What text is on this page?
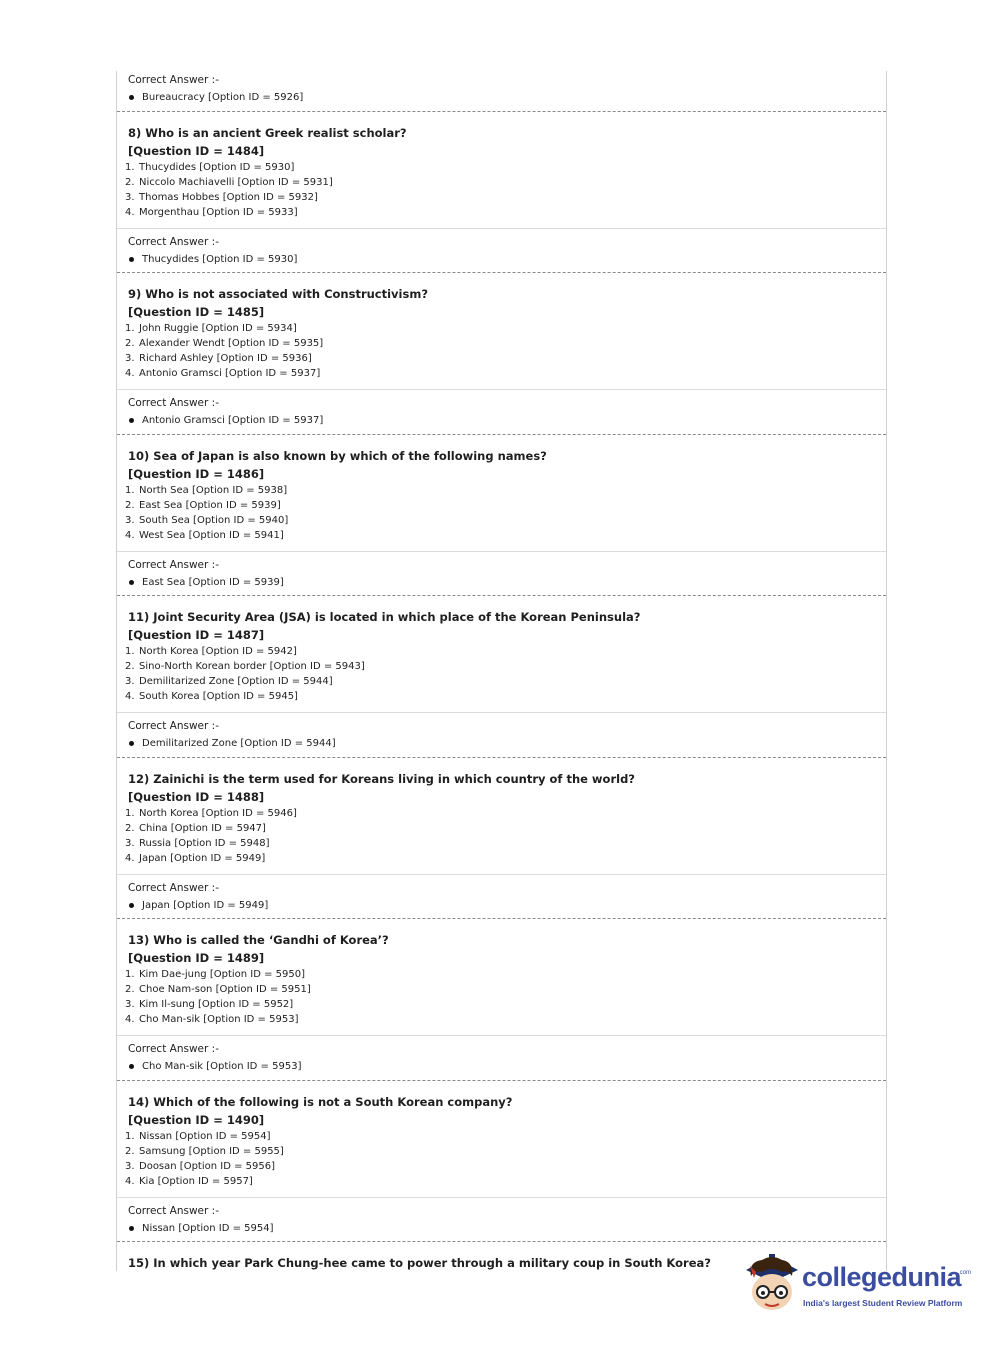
Correct Answer :-
Bureaucracy [Option ID = 5926]
8) Who is an ancient Greek realist scholar?
[Question ID = 1484]
1. Thucydides [Option ID = 5930]
2. Niccolo Machiavelli [Option ID = 5931]
3. Thomas Hobbes [Option ID = 5932]
4. Morgenthau [Option ID = 5933]
Correct Answer :-
Thucydides [Option ID = 5930]
9) Who is not associated with Constructivism?
[Question ID = 1485]
1. John Ruggie [Option ID = 5934]
2. Alexander Wendt [Option ID = 5935]
3. Richard Ashley [Option ID = 5936]
4. Antonio Gramsci [Option ID = 5937]
Correct Answer :-
Antonio Gramsci [Option ID = 5937]
10) Sea of Japan is also known by which of the following names?
[Question ID = 1486]
1. North Sea [Option ID = 5938]
2. East Sea [Option ID = 5939]
3. South Sea [Option ID = 5940]
4. West Sea [Option ID = 5941]
Correct Answer :-
East Sea [Option ID = 5939]
11) Joint Security Area (JSA) is located in which place of the Korean Peninsula?
[Question ID = 1487]
1. North Korea [Option ID = 5942]
2. Sino-North Korean border [Option ID = 5943]
3. Demilitarized Zone [Option ID = 5944]
4. South Korea [Option ID = 5945]
Correct Answer :-
Demilitarized Zone [Option ID = 5944]
12) Zainichi is the term used for Koreans living in which country of the world?
[Question ID = 1488]
1. North Korea [Option ID = 5946]
2. China [Option ID = 5947]
3. Russia [Option ID = 5948]
4. Japan [Option ID = 5949]
Correct Answer :-
Japan [Option ID = 5949]
13) Who is called the ‘Gandhi of Korea’?
[Question ID = 1489]
1. Kim Dae-jung [Option ID = 5950]
2. Choe Nam-son [Option ID = 5951]
3. Kim Il-sung [Option ID = 5952]
4. Cho Man-sik [Option ID = 5953]
Correct Answer :-
Cho Man-sik [Option ID = 5953]
14) Which of the following is not a South Korean company?
[Question ID = 1490]
1. Nissan [Option ID = 5954]
2. Samsung [Option ID = 5955]
3. Doosan [Option ID = 5956]
4. Kia [Option ID = 5957]
Correct Answer :-
Nissan [Option ID = 5954]
15) In which year Park Chung-hee came to power through a military coup in South Korea?	collegedunia
.com
India's largest Student Review Platform
